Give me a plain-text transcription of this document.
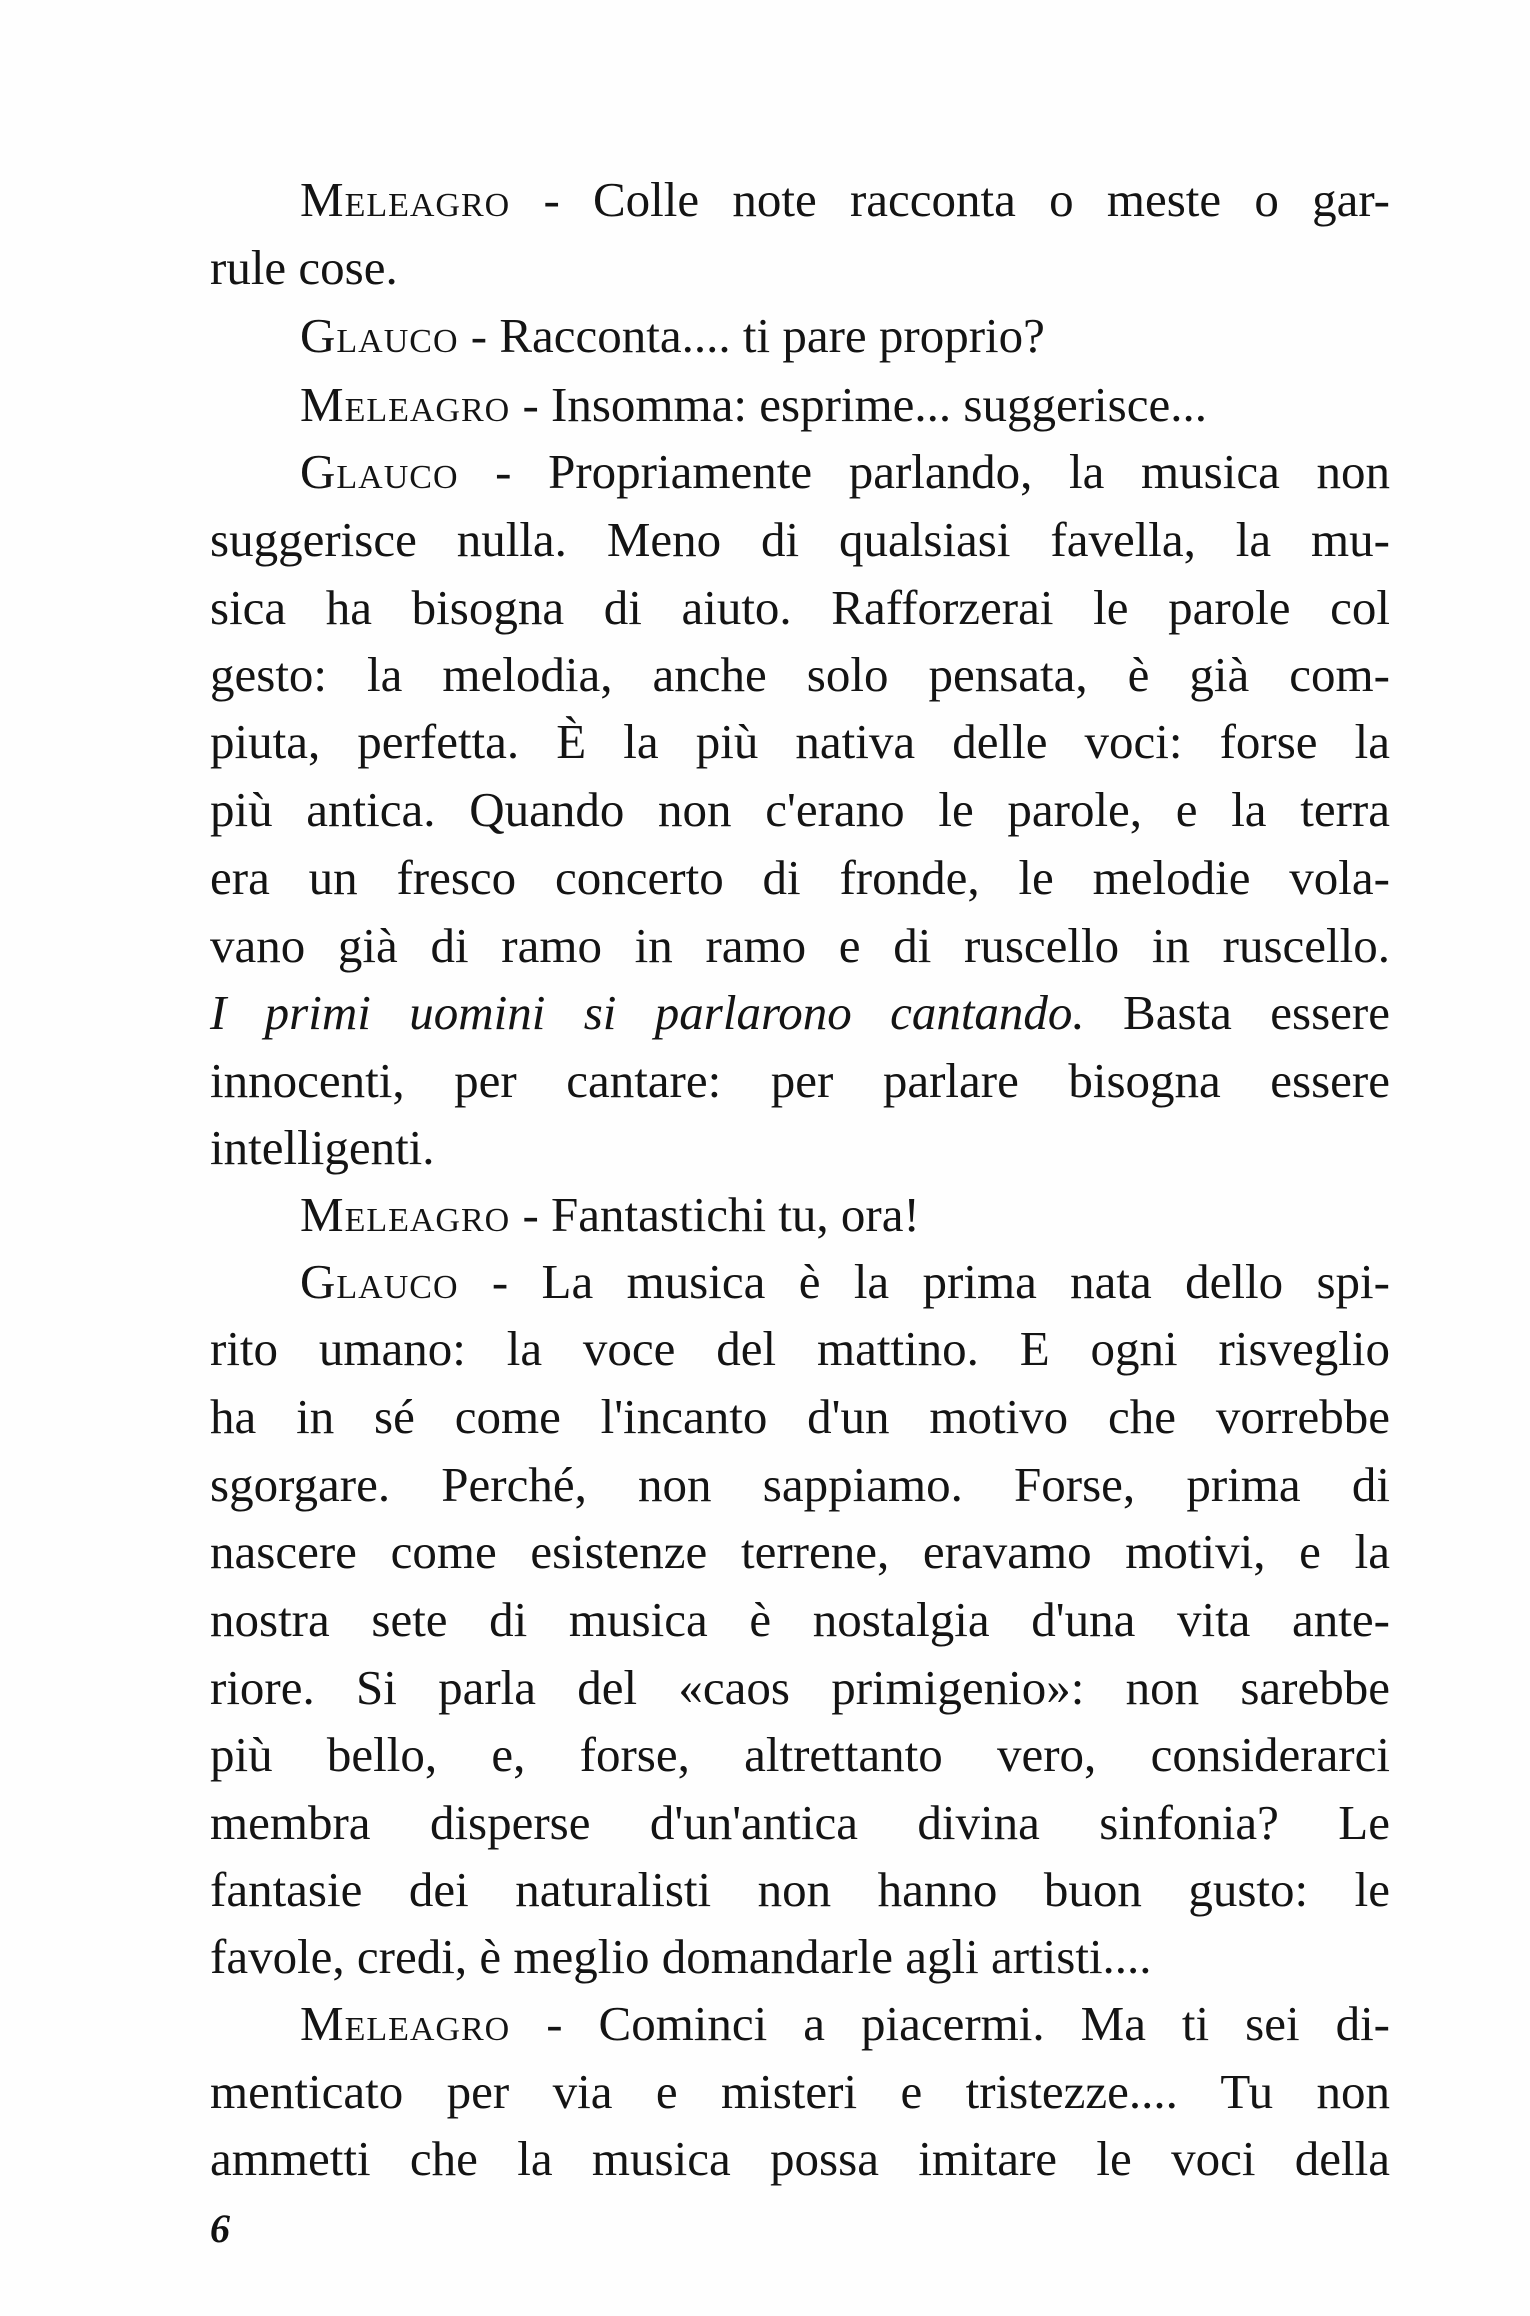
Meleagro - Colle note racconta o meste o gar-
rule cose.
Glauco - Racconta.... ti pare proprio?
Meleagro - Insomma: esprime... suggerisce...
Glauco - Propriamente parlando, la musica non
suggerisce nulla. Meno di qualsiasi favella, la mu-
sica ha bisogna di aiuto. Rafforzerai le parole col
gesto: la melodia, anche solo pensata, è già com-
piuta, perfetta. È la più nativa delle voci: forse la
più antica. Quando non c'erano le parole, e la terra
era un fresco concerto di fronde, le melodie vola-
vano già di ramo in ramo e di ruscello in ruscello.
I primi uomini si parlarono cantando. Basta essere
innocenti, per cantare: per parlare bisogna essere
intelligenti.
Meleagro - Fantastichi tu, ora!
Glauco - La musica è la prima nata dello spi-
rito umano: la voce del mattino. E ogni risveglio
ha in sé come l'incanto d'un motivo che vorrebbe
sgorgare. Perché, non sappiamo. Forse, prima di
nascere come esistenze terrene, eravamo motivi, e la
nostra sete di musica è nostalgia d'una vita ante-
riore. Si parla del «caos primigenio»: non sarebbe
più bello, e, forse, altrettanto vero, considerarci
membra disperse d'un'antica divina sinfonia? Le
fantasie dei naturalisti non hanno buon gusto: le
favole, credi, è meglio domandarle agli artisti....
Meleagro - Cominci a piacermi. Ma ti sei di-
menticato per via e misteri e tristezze.... Tu non
ammetti che la musica possa imitare le voci della
6
